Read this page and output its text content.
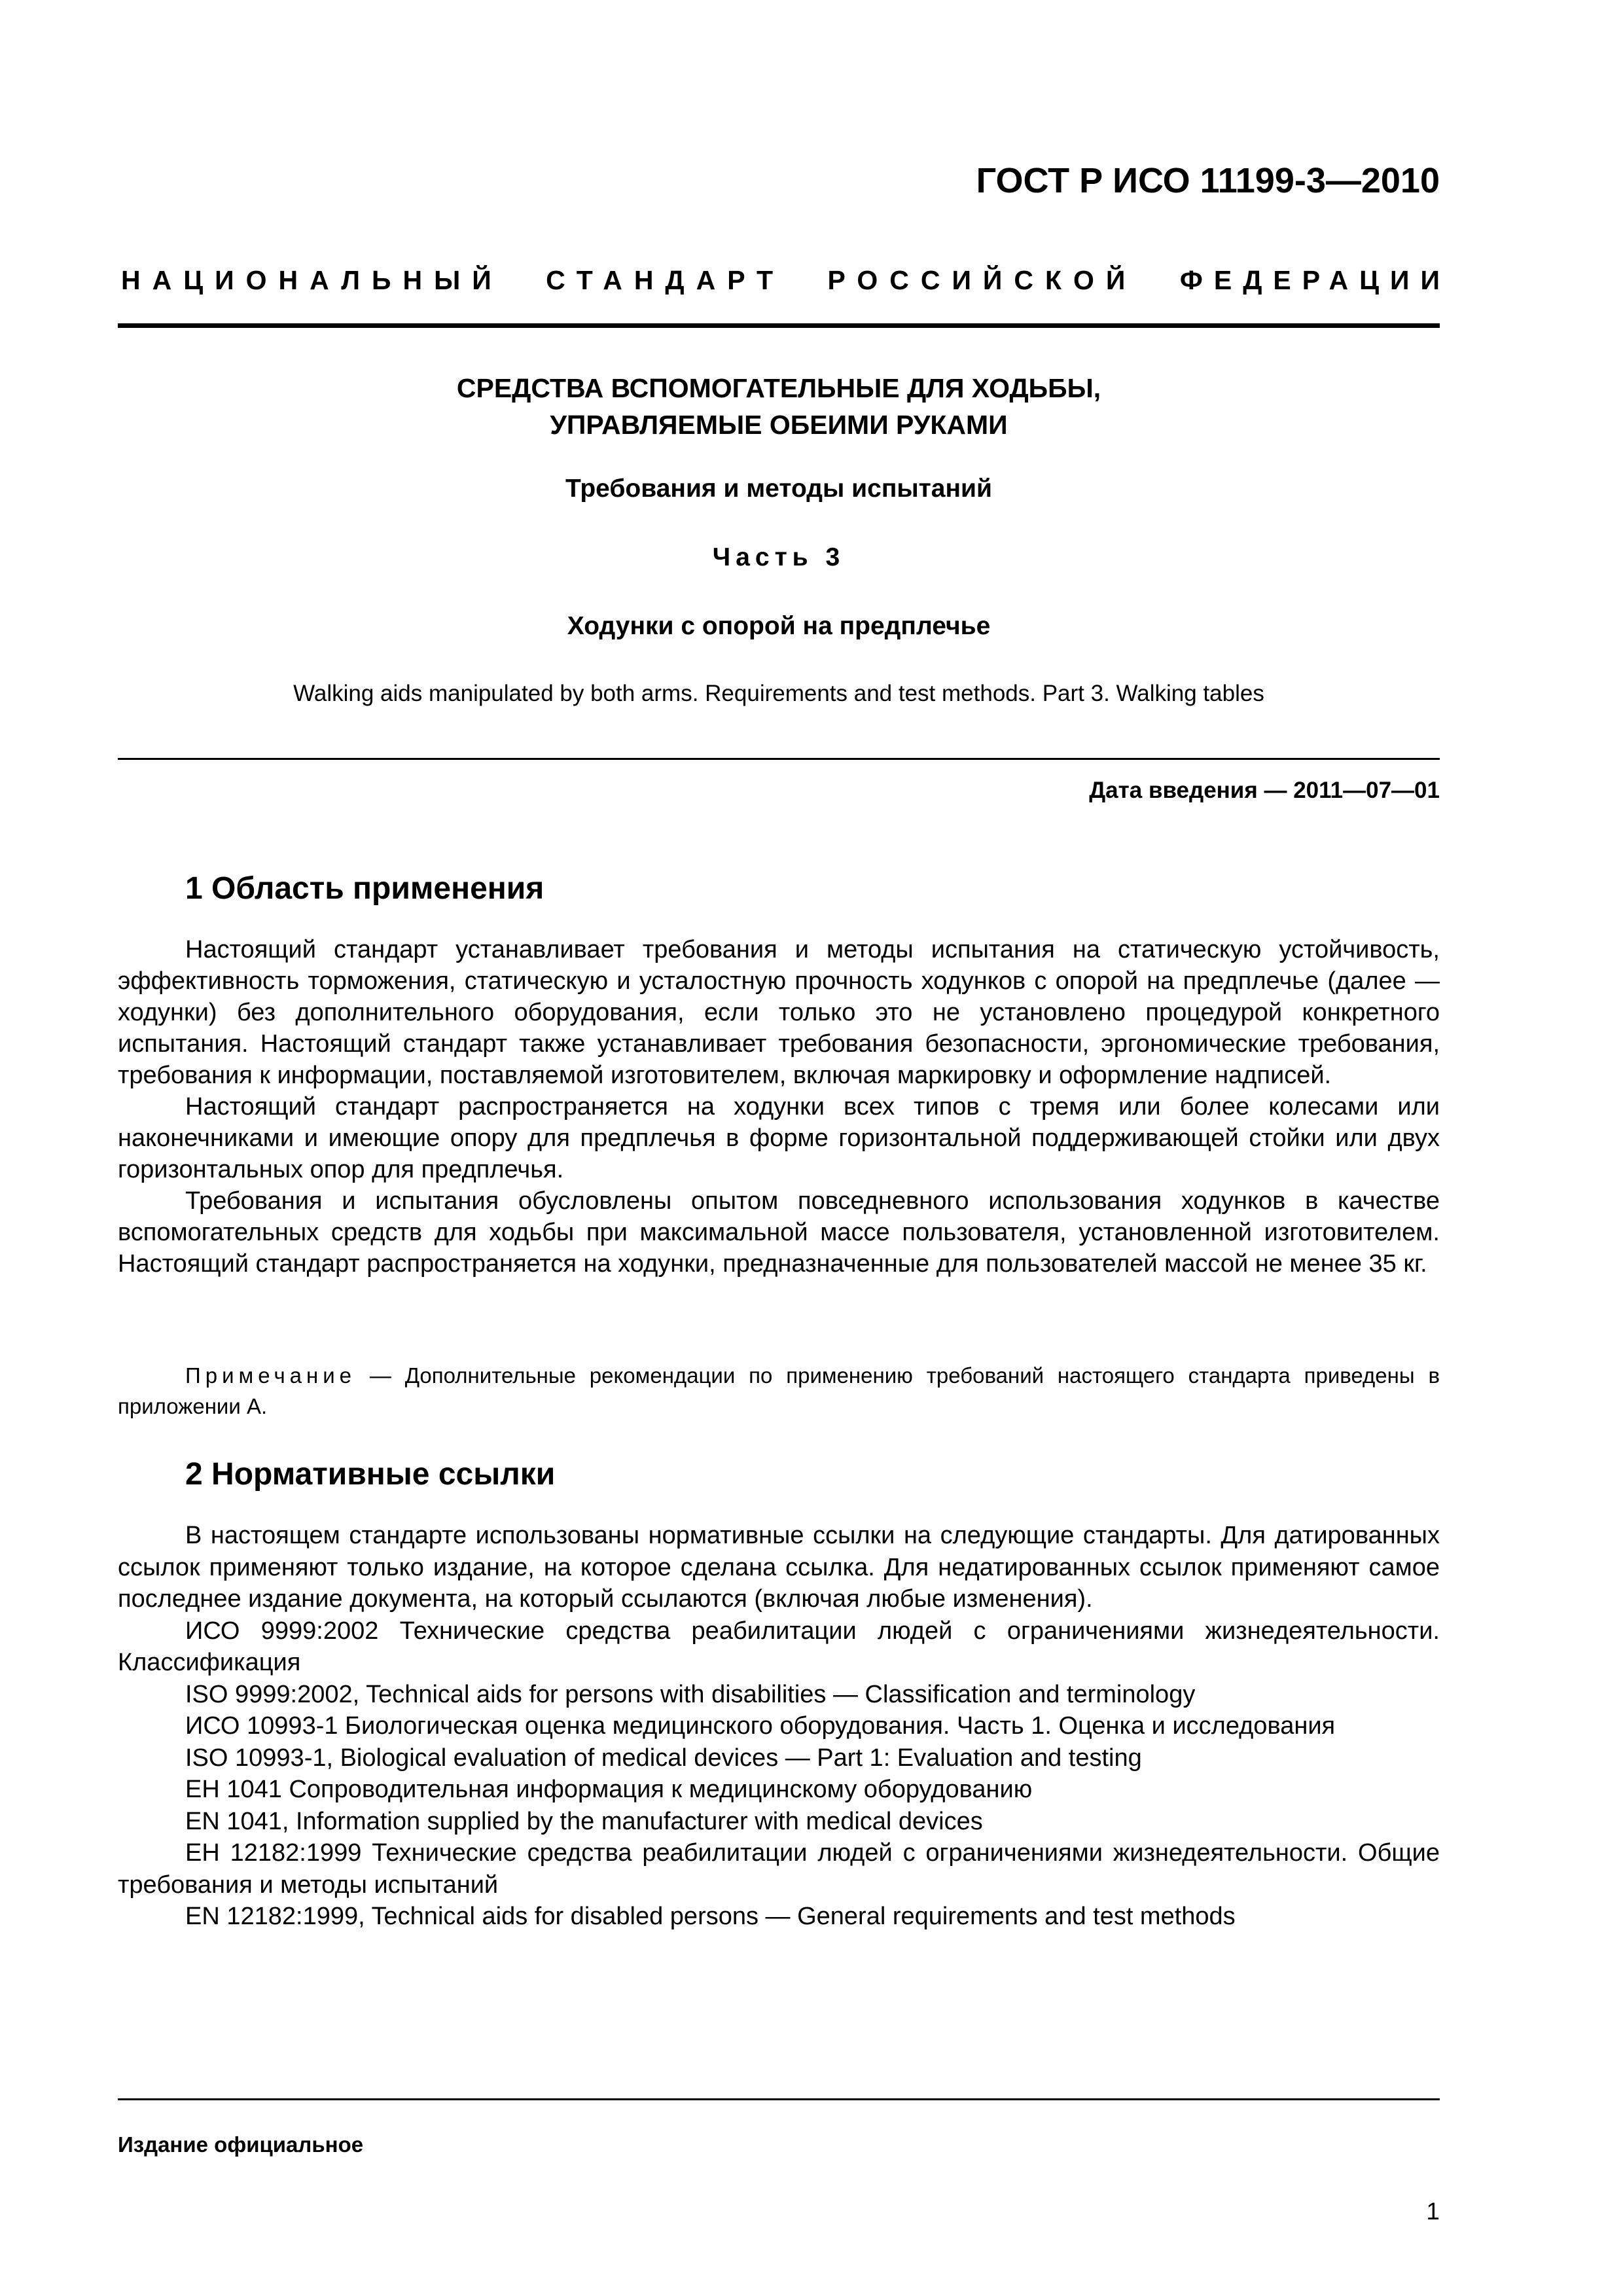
ГОСТ Р ИСО 11199-3—2010
НАЦИОНАЛЬНЫЙ СТАНДАРТ РОССИЙСКОЙ ФЕДЕРАЦИИ
СРЕДСТВА ВСПОМОГАТЕЛЬНЫЕ ДЛЯ ХОДЬБЫ,
УПРАВЛЯЕМЫЕ ОБЕИМИ РУКАМИ
Требования и методы испытаний
Часть 3
Ходунки с опорой на предплечье
Walking aids manipulated by both arms. Requirements and test methods. Part 3. Walking tables
Дата введения — 2011—07—01
1 Область применения

Настоящий стандарт устанавливает требования и методы испытания на статическую устойчивость, эффективность торможения, статическую и усталостную прочность ходунков с опорой на предплечье (далее — ходунки) без дополнительного оборудования, если только это не установлено процедурой конкретного испытания. Настоящий стандарт также устанавливает требования безопасности, эргономические требования, требования к информации, поставляемой изготовителем, включая маркировку и оформление надписей.

Настоящий стандарт распространяется на ходунки всех типов с тремя или более колесами или наконечниками и имеющие опору для предплечья в форме горизонтальной поддерживающей стойки или двух горизонтальных опор для предплечья.

Требования и испытания обусловлены опытом повседневного использования ходунков в качестве вспомогательных средств для ходьбы при максимальной массе пользователя, установленной изготовителем. Настоящий стандарт распространяется на ходунки, предназначенные для пользователей массой не менее 35 кг.

Примечание — Дополнительные рекомендации по применению требований настоящего стандарта приведены в приложении А.
2 Нормативные ссылки

В настоящем стандарте использованы нормативные ссылки на следующие стандарты. Для датированных ссылок применяют только издание, на которое сделана ссылка. Для недатированных ссылок применяют самое последнее издание документа, на который ссылаются (включая любые изменения).

ИСО 9999:2002 Технические средства реабилитации людей с ограничениями жизнедеятельности. Классификация

ISO 9999:2002, Technical aids for persons with disabilities — Classification and terminology

ИСО 10993-1 Биологическая оценка медицинского оборудования. Часть 1. Оценка и исследования

ISO 10993-1, Biological evaluation of medical devices — Part 1: Evaluation and testing

ЕН 1041 Сопроводительная информация к медицинскому оборудованию

EN 1041, Information supplied by the manufacturer with medical devices

ЕН 12182:1999 Технические средства реабилитации людей с ограничениями жизнедеятельности. Общие требования и методы испытаний

EN 12182:1999, Technical aids for disabled persons — General requirements and test methods

Издание официальное
1
